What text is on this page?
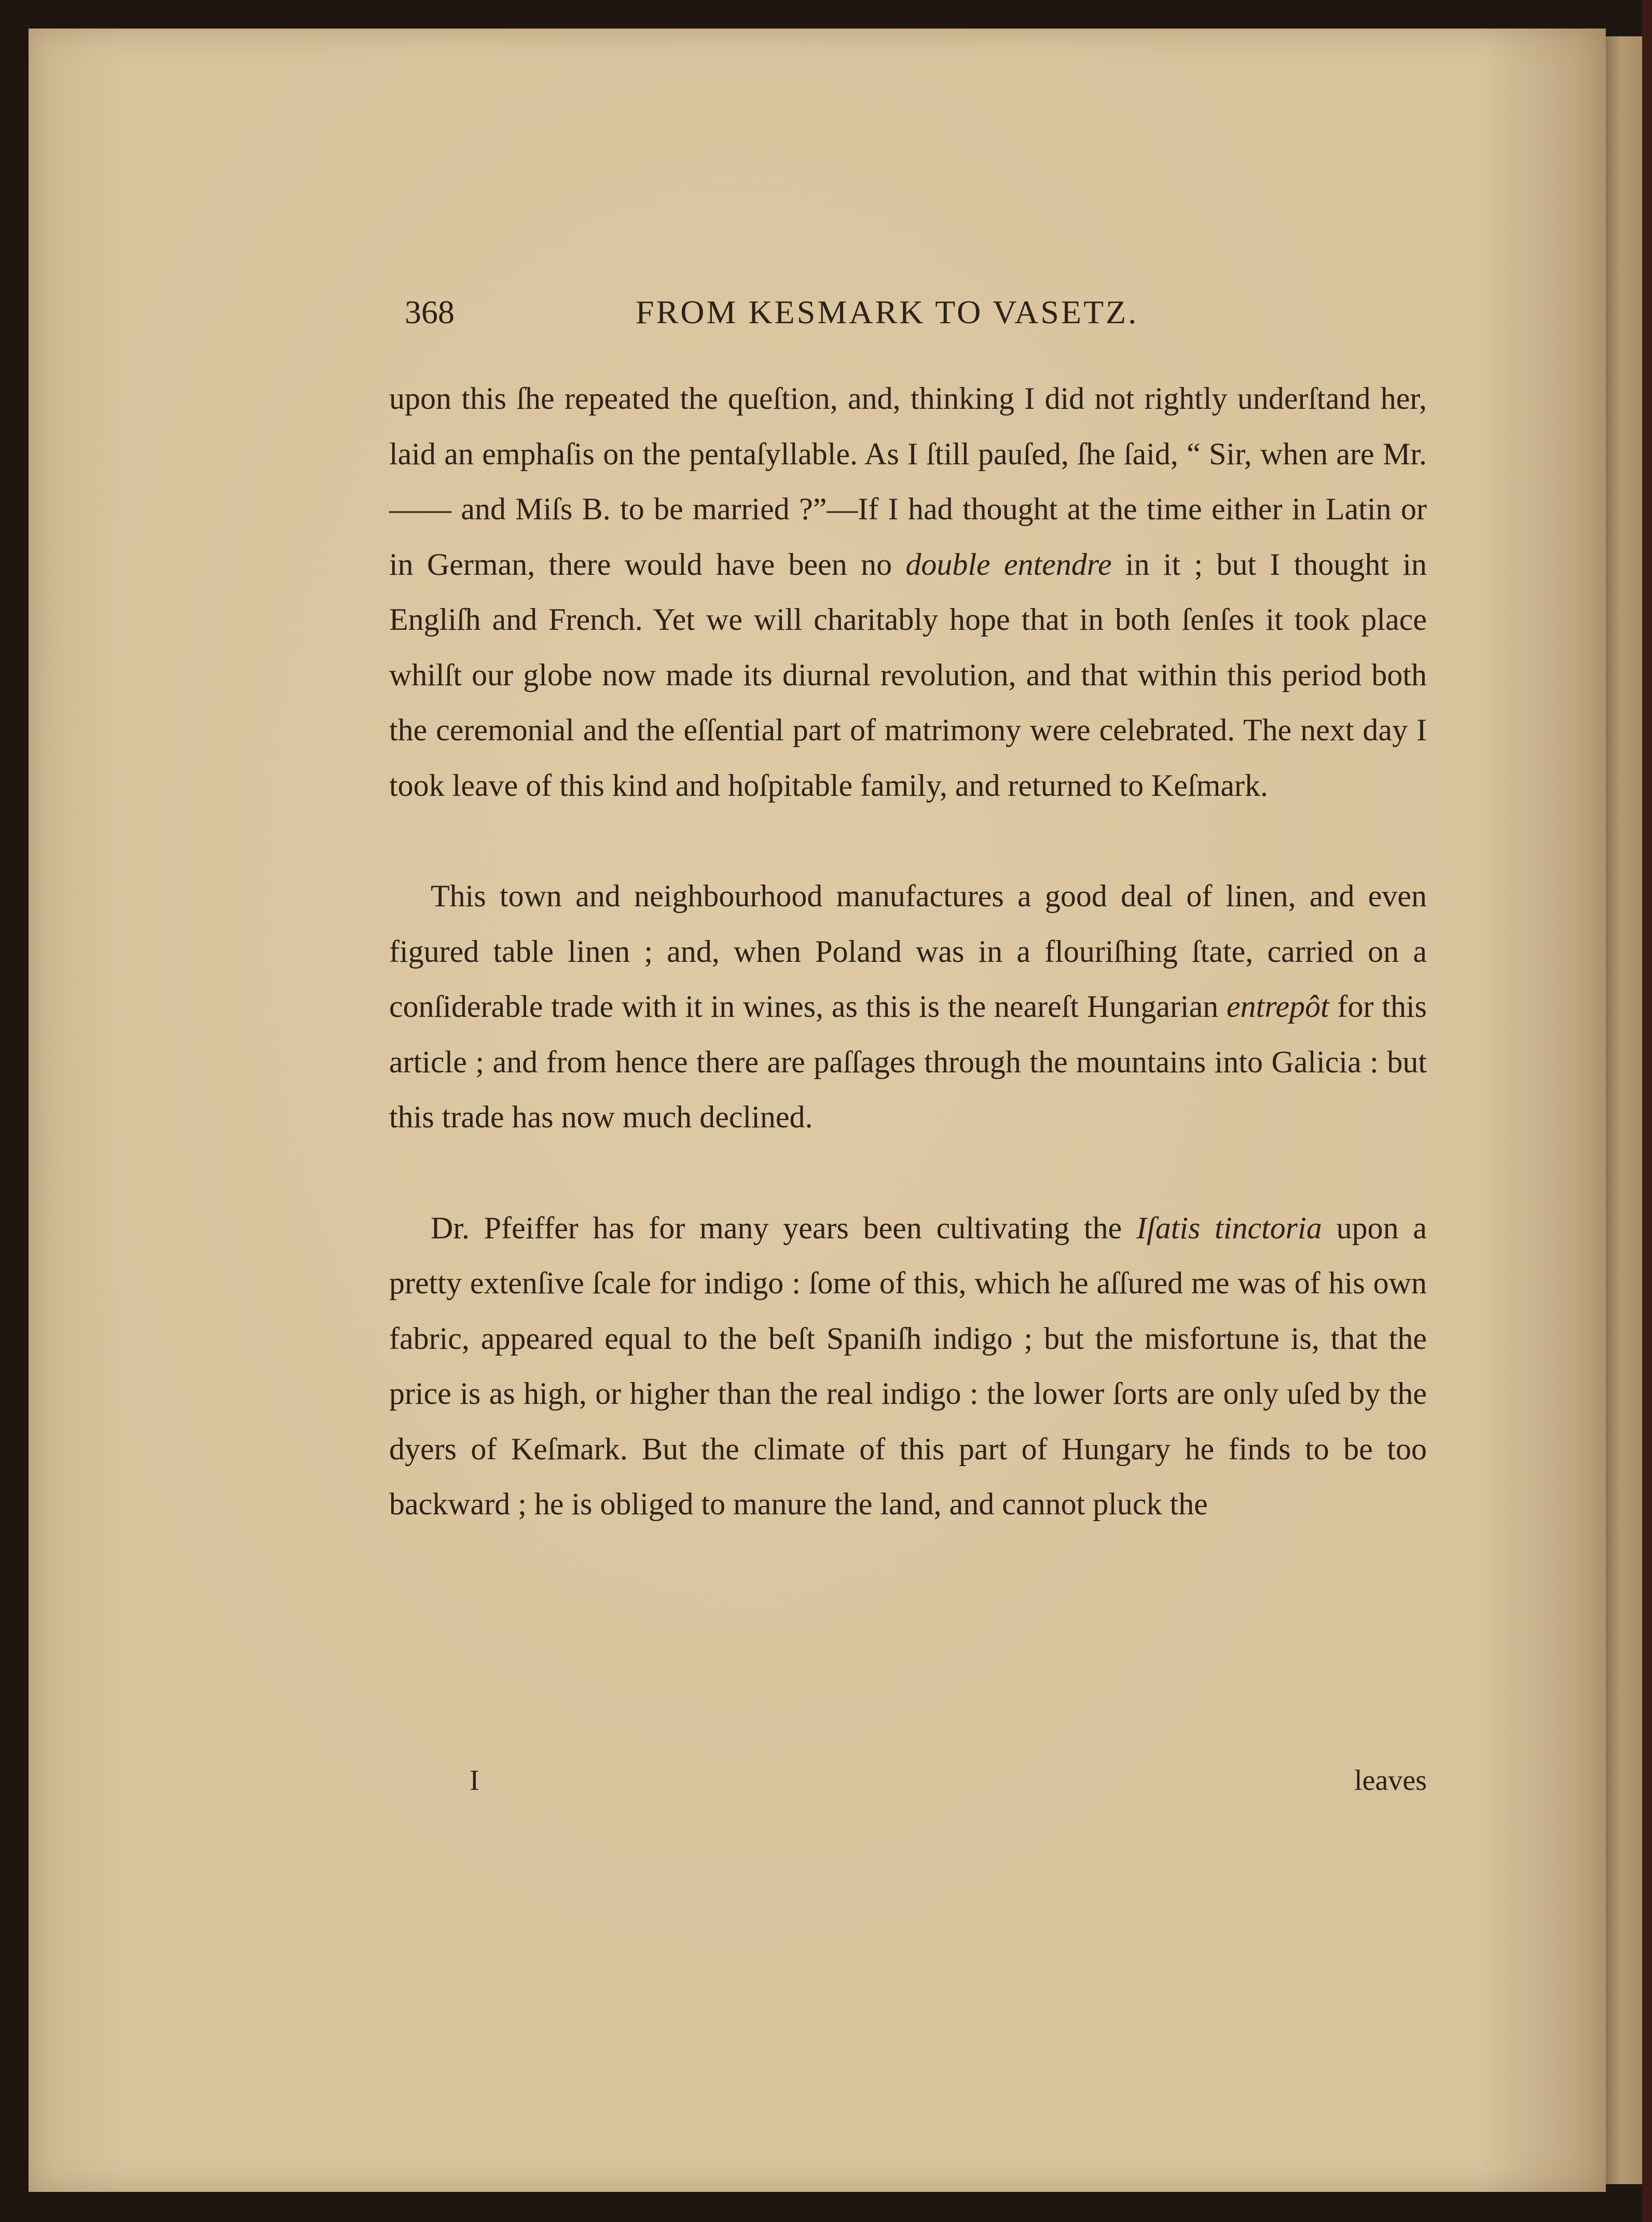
368	FROM KESMARK TO VASETZ.

upon this ſhe repeated the queſtion, and, thinking I did not rightly underſtand her, laid an emphaſis on the pentaſyllable. As I ſtill pauſed, ſhe ſaid, “ Sir, when are Mr. —— and Miſs B. to be married ?”—If I had thought at the time either in Latin or in German, there would have been no double entendre in it ; but I thought in Engliſh and French. Yet we will charitably hope that in both ſenſes it took place whilſt our globe now made its diurnal revolution, and that within this period both the ceremonial and the eſſential part of matrimony were celebrated. The next day I took leave of this kind and hoſpitable family, and returned to Keſmark.

This town and neighbourhood manufactures a good deal of linen, and even figured table linen ; and, when Poland was in a flouriſhing ſtate, carried on a conſiderable trade with it in wines, as this is the neareſt Hungarian entrepôt for this article ; and from hence there are paſſages through the mountains into Galicia : but this trade has now much declined.

Dr. Pfeiffer has for many years been cultivating the Iſatis tinctoria upon a pretty extenſive ſcale for indigo : ſome of this, which he aſſured me was of his own fabric, appeared equal to the beſt Spaniſh indigo ; but the misfortune is, that the price is as high, or higher than the real indigo : the lower ſorts are only uſed by the dyers of Keſmark. But the climate of this part of Hungary he finds to be too backward ; he is obliged to manure the land, and cannot pluck the

I	leaves
